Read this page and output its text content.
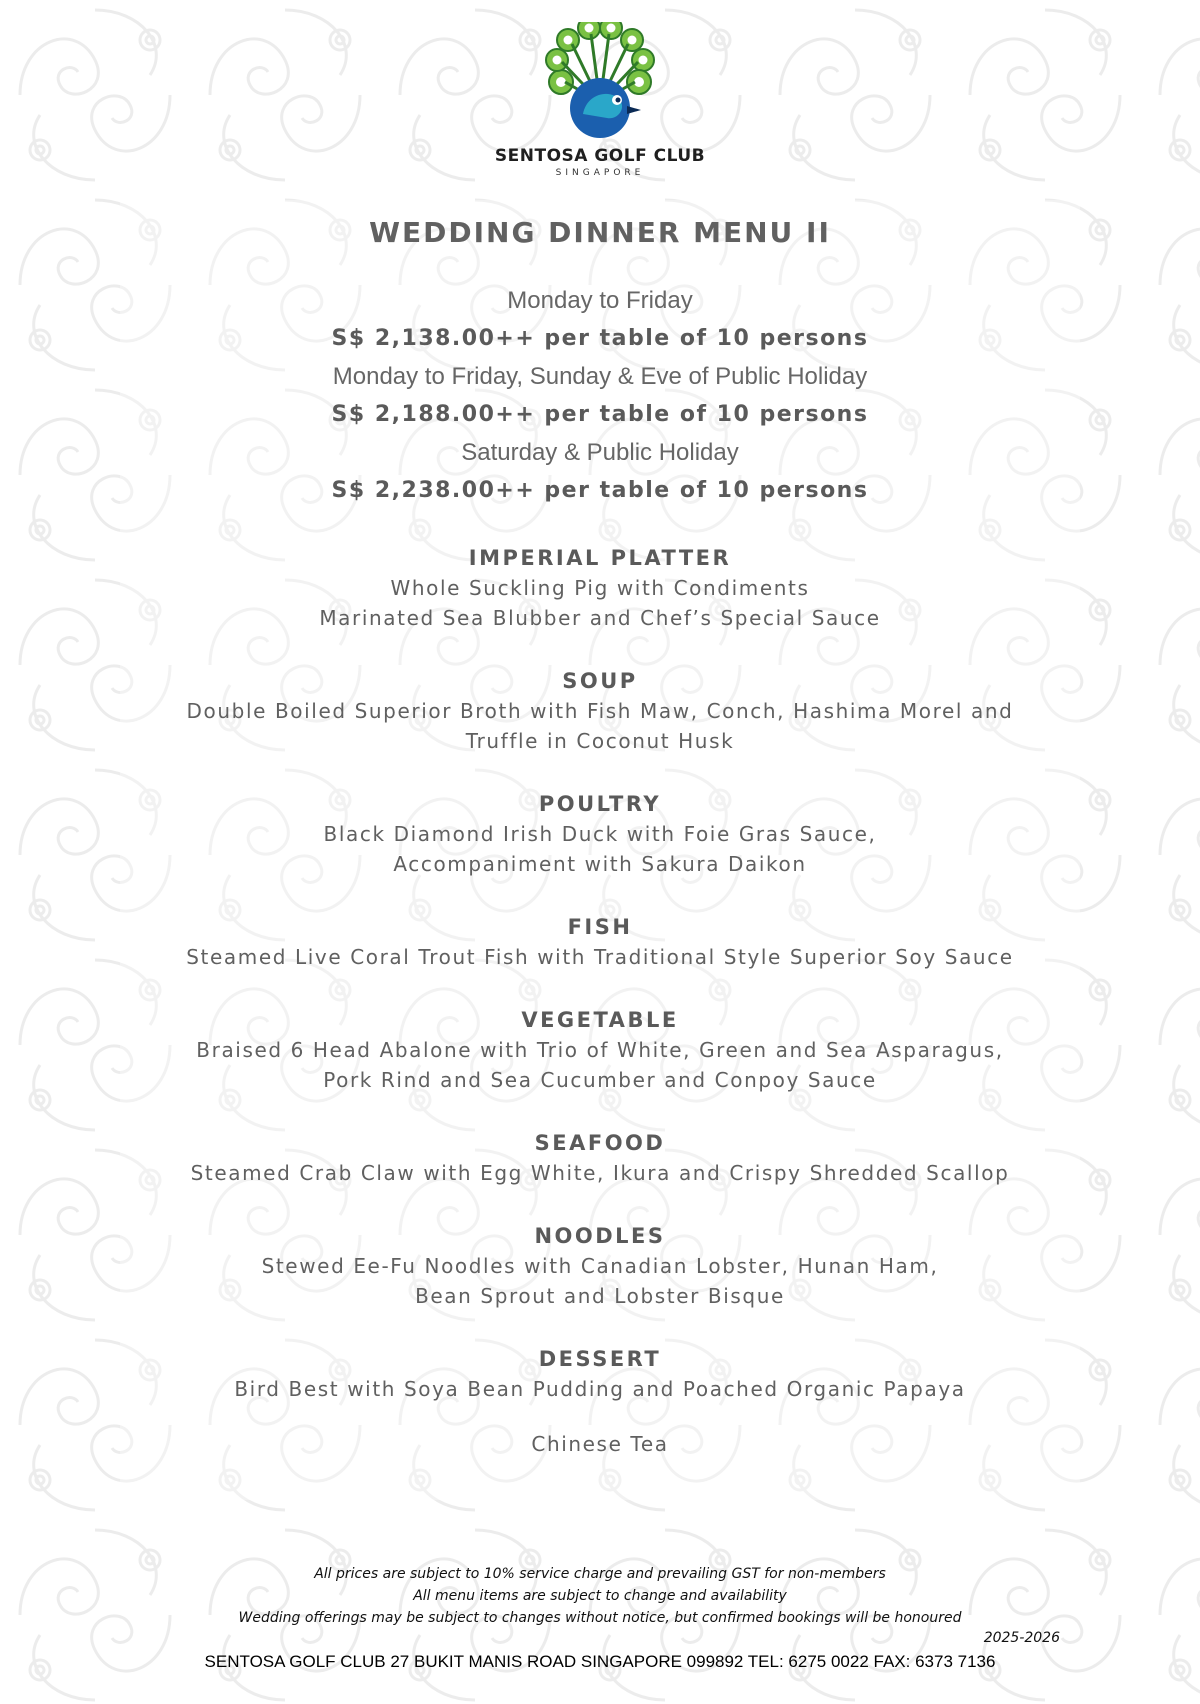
SENTOSA GOLF CLUB
SINGAPORE
WEDDING DINNER MENU II
Monday to Friday
S$ 2,138.00++ per table of 10 persons
Monday to Friday, Sunday & Eve of Public Holiday
S$ 2,188.00++ per table of 10 persons
Saturday & Public Holiday
S$ 2,238.00++ per table of 10 persons
IMPERIAL PLATTER
Whole Suckling Pig with Condiments
Marinated Sea Blubber and Chef’s Special Sauce
SOUP
Double Boiled Superior Broth with Fish Maw, Conch, Hashima Morel and
Truffle in Coconut Husk
POULTRY
Black Diamond Irish Duck with Foie Gras Sauce,
Accompaniment with Sakura Daikon
FISH
Steamed Live Coral Trout Fish with Traditional Style Superior Soy Sauce
VEGETABLE
Braised 6 Head Abalone with Trio of White, Green and Sea Asparagus,
Pork Rind and Sea Cucumber and Conpoy Sauce
SEAFOOD
Steamed Crab Claw with Egg White, Ikura and Crispy Shredded Scallop
NOODLES
Stewed Ee-Fu Noodles with Canadian Lobster, Hunan Ham,
Bean Sprout and Lobster Bisque
DESSERT
Bird Best with Soya Bean Pudding and Poached Organic Papaya
Chinese Tea
All prices are subject to 10% service charge and prevailing GST for non-members
All menu items are subject to change and availability
Wedding offerings may be subject to changes without notice, but confirmed bookings will be honoured
2025-2026
SENTOSA GOLF CLUB 27 BUKIT MANIS ROAD SINGAPORE 099892 TEL: 6275 0022 FAX: 6373 7136
